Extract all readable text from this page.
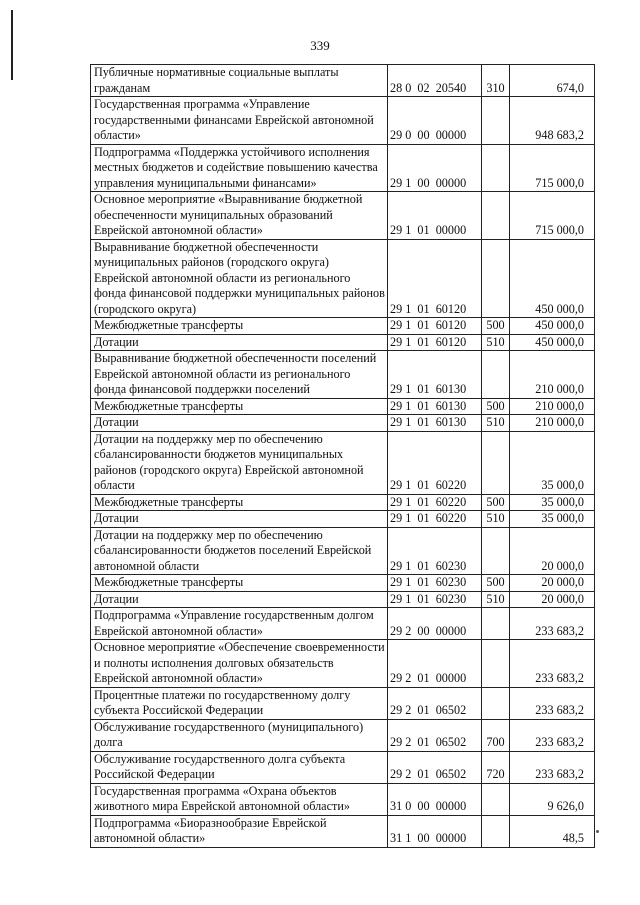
339
Публичные нормативные социальные выплаты гражданам	28 0  02  20540	310	674,0
Государственная программа «Управление государственными финансами Еврейской автономной области»	29 0  00  00000		948 683,2
Подпрограмма «Поддержка устойчивого исполнения местных бюджетов и содействие повышению качества управления муниципальными финансами»	29 1  00  00000		715 000,0
Основное мероприятие «Выравнивание бюджетной обеспеченности муниципальных образований Еврейской автономной области»	29 1  01  00000		715 000,0
Выравнивание бюджетной обеспеченности муниципальных районов (городского округа) Еврейской автономной области из регионального фонда финансовой поддержки муниципальных районов (городского округа)	29 1  01  60120		450 000,0
Межбюджетные трансферты	29 1  01  60120	500	450 000,0
Дотации	29 1  01  60120	510	450 000,0
Выравнивание бюджетной обеспеченности поселений Еврейской автономной области из регионального фонда финансовой поддержки поселений	29 1  01  60130		210 000,0
Межбюджетные трансферты	29 1  01  60130	500	210 000,0
Дотации	29 1  01  60130	510	210 000,0
Дотации на поддержку мер по обеспечению сбалансированности бюджетов муниципальных районов (городского округа) Еврейской автономной области	29 1  01  60220		35 000,0
Межбюджетные трансферты	29 1  01  60220	500	35 000,0
Дотации	29 1  01  60220	510	35 000,0
Дотации на поддержку мер по обеспечению сбалансированности бюджетов поселений Еврейской автономной области	29 1  01  60230		20 000,0
Межбюджетные трансферты	29 1  01  60230	500	20 000,0
Дотации	29 1  01  60230	510	20 000,0
Подпрограмма «Управление государственным долгом Еврейской автономной области»	29 2  00  00000		233 683,2
Основное мероприятие «Обеспечение своевременности и полноты исполнения долговых обязательств Еврейской автономной области»	29 2  01  00000		233 683,2
Процентные платежи по государственному долгу субъекта Российской Федерации	29 2  01  06502		233 683,2
Обслуживание государственного (муниципального) долга	29 2  01  06502	700	233 683,2
Обслуживание государственного долга субъекта Российской Федерации	29 2  01  06502	720	233 683,2
Государственная программа «Охрана объектов животного мира Еврейской автономной области»	31 0  00  00000		9 626,0
Подпрограмма «Биоразнообразие Еврейской автономной области»	31 1  00  00000		48,5
